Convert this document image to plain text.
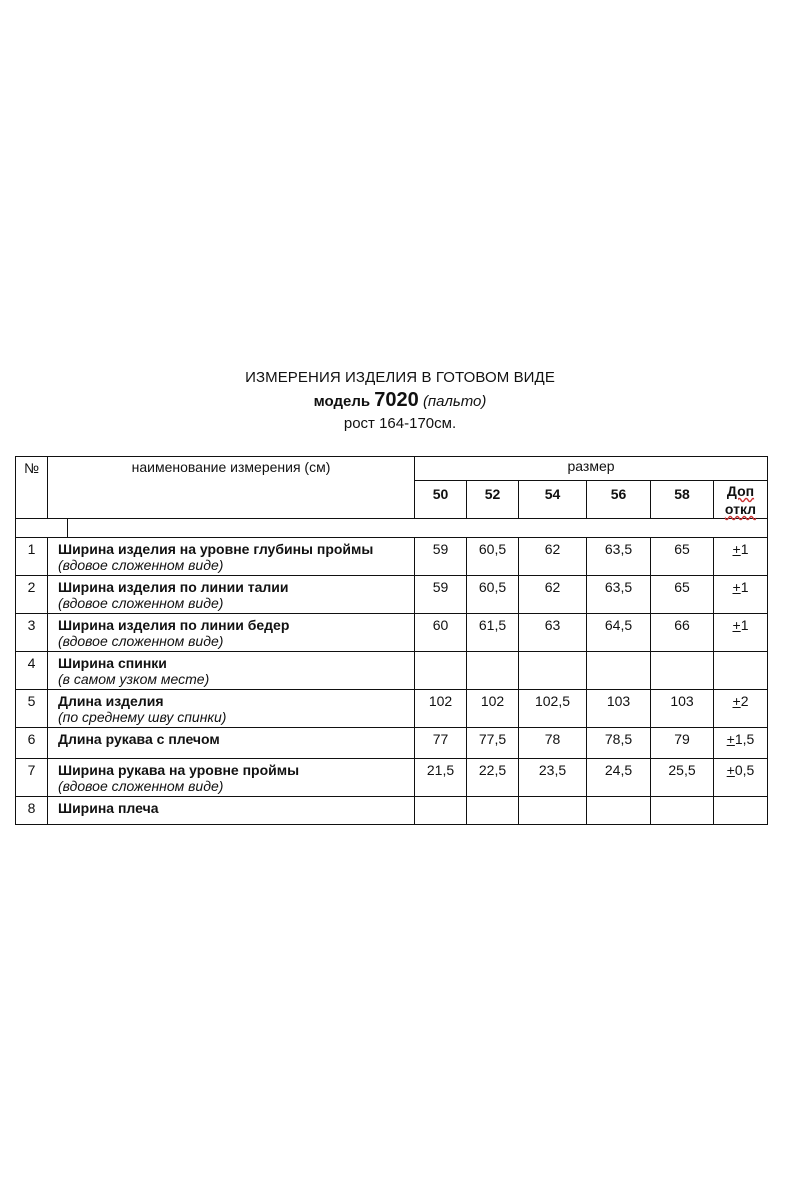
ИЗМЕРЕНИЯ ИЗДЕЛИЯ В ГОТОВОМ ВИДЕ
модель 7020 (пальто)
рост 164-170см.
№	наименование измерения (см)	размер					
		50	52	54	56	58	Доп
откл

1	Ширина изделия на уровне глубины проймы
(вдовое сложенном виде)	59	60,5	62	63,5	65	+1
2	Ширина изделия по линии талии
(вдовое сложенном виде)	59	60,5	62	63,5	65	+1
3	Ширина изделия по линии бедер
(вдовое сложенном виде)	60	61,5	63	64,5	66	+1
4	Ширина спинки
(в самом узком месте)						

5	Длина изделия
(по среднему шву спинки)	102	102	102,5	103	103	+2
6	Длина рукава с плечом	77	77,5	78	78,5	79	+1,5
7	Ширина рукава на уровне проймы
(вдовое сложенном виде)	21,5	22,5	23,5	24,5	25,5	+0,5
8	Ширина плеча						
